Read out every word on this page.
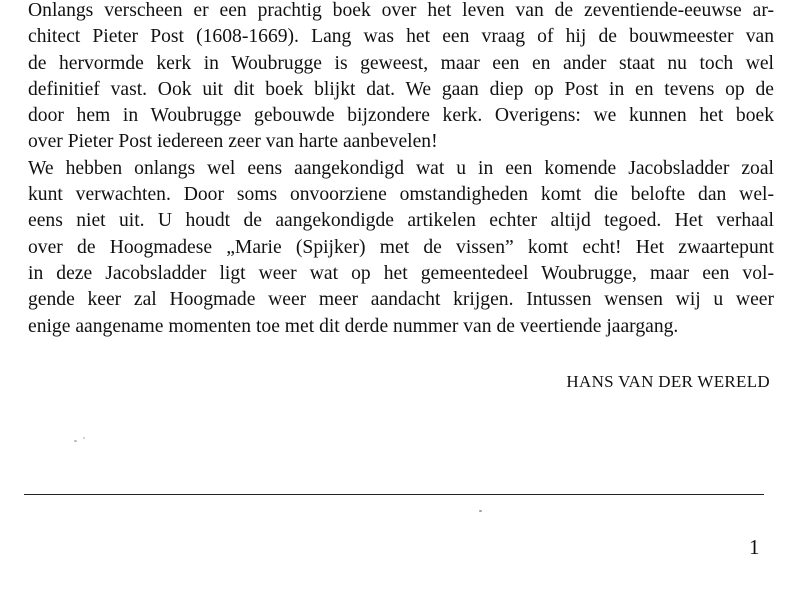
Onlangs verscheen er een prachtig boek over het leven van de zeventiende-eeuwse ar-
chitect Pieter Post (1608-1669). Lang was het een vraag of hij de bouwmeester van
de hervormde kerk in Woubrugge is geweest, maar een en ander staat nu toch wel
definitief vast. Ook uit dit boek blijkt dat. We gaan diep op Post in en tevens op de
door hem in Woubrugge gebouwde bijzondere kerk. Overigens: we kunnen het boek
over Pieter Post iedereen zeer van harte aanbevelen!
We hebben onlangs wel eens aangekondigd wat u in een komende Jacobsladder zoal
kunt verwachten. Door soms onvoorziene omstandigheden komt die belofte dan wel-
eens niet uit. U houdt de aangekondigde artikelen echter altijd tegoed. Het verhaal
over de Hoogmadese „Marie (Spijker) met de vissen” komt echt! Het zwaartepunt
in deze Jacobsladder ligt weer wat op het gemeentedeel Woubrugge, maar een vol-
gende keer zal Hoogmade weer meer aandacht krijgen. Intussen wensen wij u weer
enige aangename momenten toe met dit derde nummer van de veertiende jaargang.
HANS VAN DER WERELD
1
